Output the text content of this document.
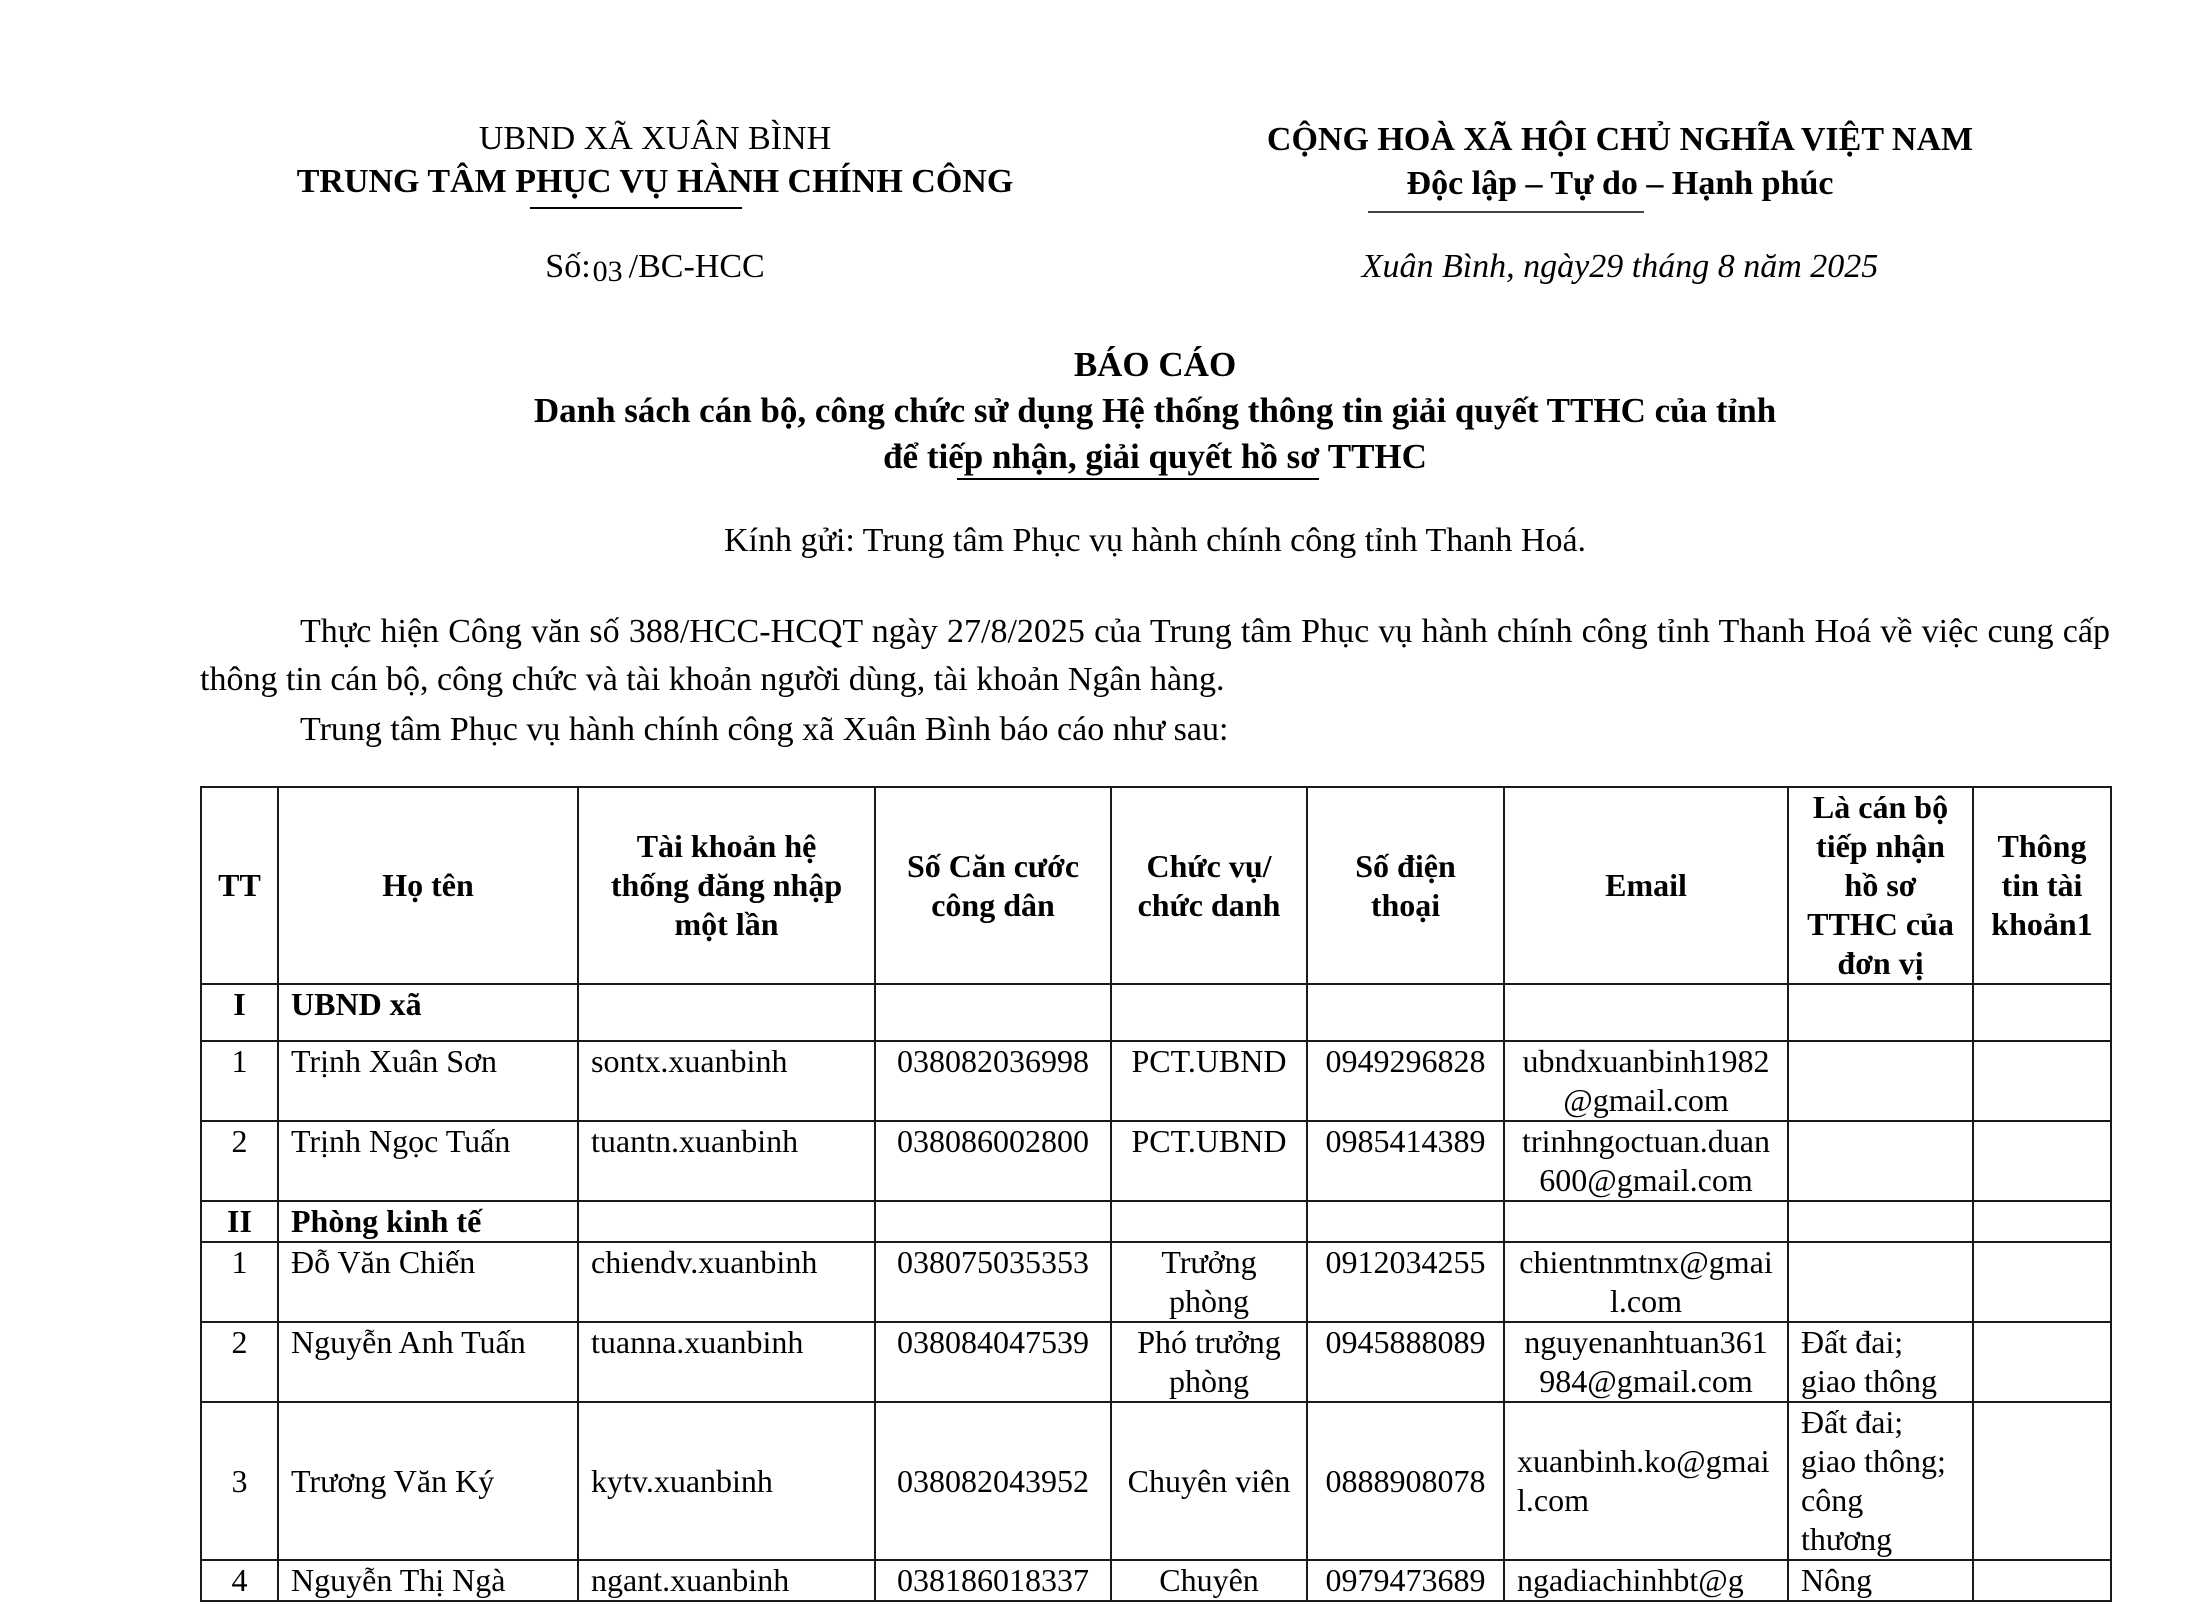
UBND XÃ XUÂN BÌNH
TRUNG TÂM PHỤC VỤ HÀNH CHÍNH CÔNG
CỘNG HOÀ XÃ HỘI CHỦ NGHĨA VIỆT NAM
Độc lập – Tự do – Hạnh phúc
Số:03 /BC-HCC	Xuân Bình, ngày29 tháng 8 năm 2025
BÁO CÁO
Danh sách cán bộ, công chức sử dụng Hệ thống thông tin giải quyết TTHC của tỉnh
để tiếp nhận, giải quyết hồ sơ TTHC
Kính gửi: Trung tâm Phục vụ hành chính công tỉnh Thanh Hoá.
Thực hiện Công văn số 388/HCC-HCQT ngày 27/8/2025 của Trung tâm Phục vụ hành chính công tỉnh Thanh Hoá về việc cung cấp thông tin cán bộ, công chức và tài khoản người dùng, tài khoản Ngân hàng.
Trung tâm Phục vụ hành chính công xã Xuân Bình báo cáo như sau:
TT	Họ tên	Tài khoản hệ thống đăng nhập một lần	Số Căn cước công dân	Chức vụ/ chức danh	Số điện thoại	Email	Là cán bộ tiếp nhận hồ sơ TTHC của đơn vị	Thông tin tài khoản1
I	UBND xã							
1	Trịnh Xuân Sơn	sontx.xuanbinh	038082036998	PCT.UBND	0949296828	ubndxuanbinh1982@gmail.com		
2	Trịnh Ngọc Tuấn	tuantn.xuanbinh	038086002800	PCT.UBND	0985414389	trinhngoctuan.duan600@gmail.com		
II	Phòng kinh tế							
1	Đỗ Văn Chiến	chiendv.xuanbinh	038075035353	Trưởng phòng	0912034255	chientnmtnx@gmail.com		
2	Nguyễn Anh Tuấn	tuanna.xuanbinh	038084047539	Phó trưởng phòng	0945888089	nguyenanhtuan361984@gmail.com	Đất đai; giao thông	
3	Trương Văn Ký	kytv.xuanbinh	038082043952	Chuyên viên	0888908078	xuanbinh.ko@gmail.com	Đất đai; giao thông; công thương	
4	Nguyễn Thị Ngà	ngant.xuanbinh	038186018337	Chuyên	0979473689	ngadiachinhbt@g	Nông	
